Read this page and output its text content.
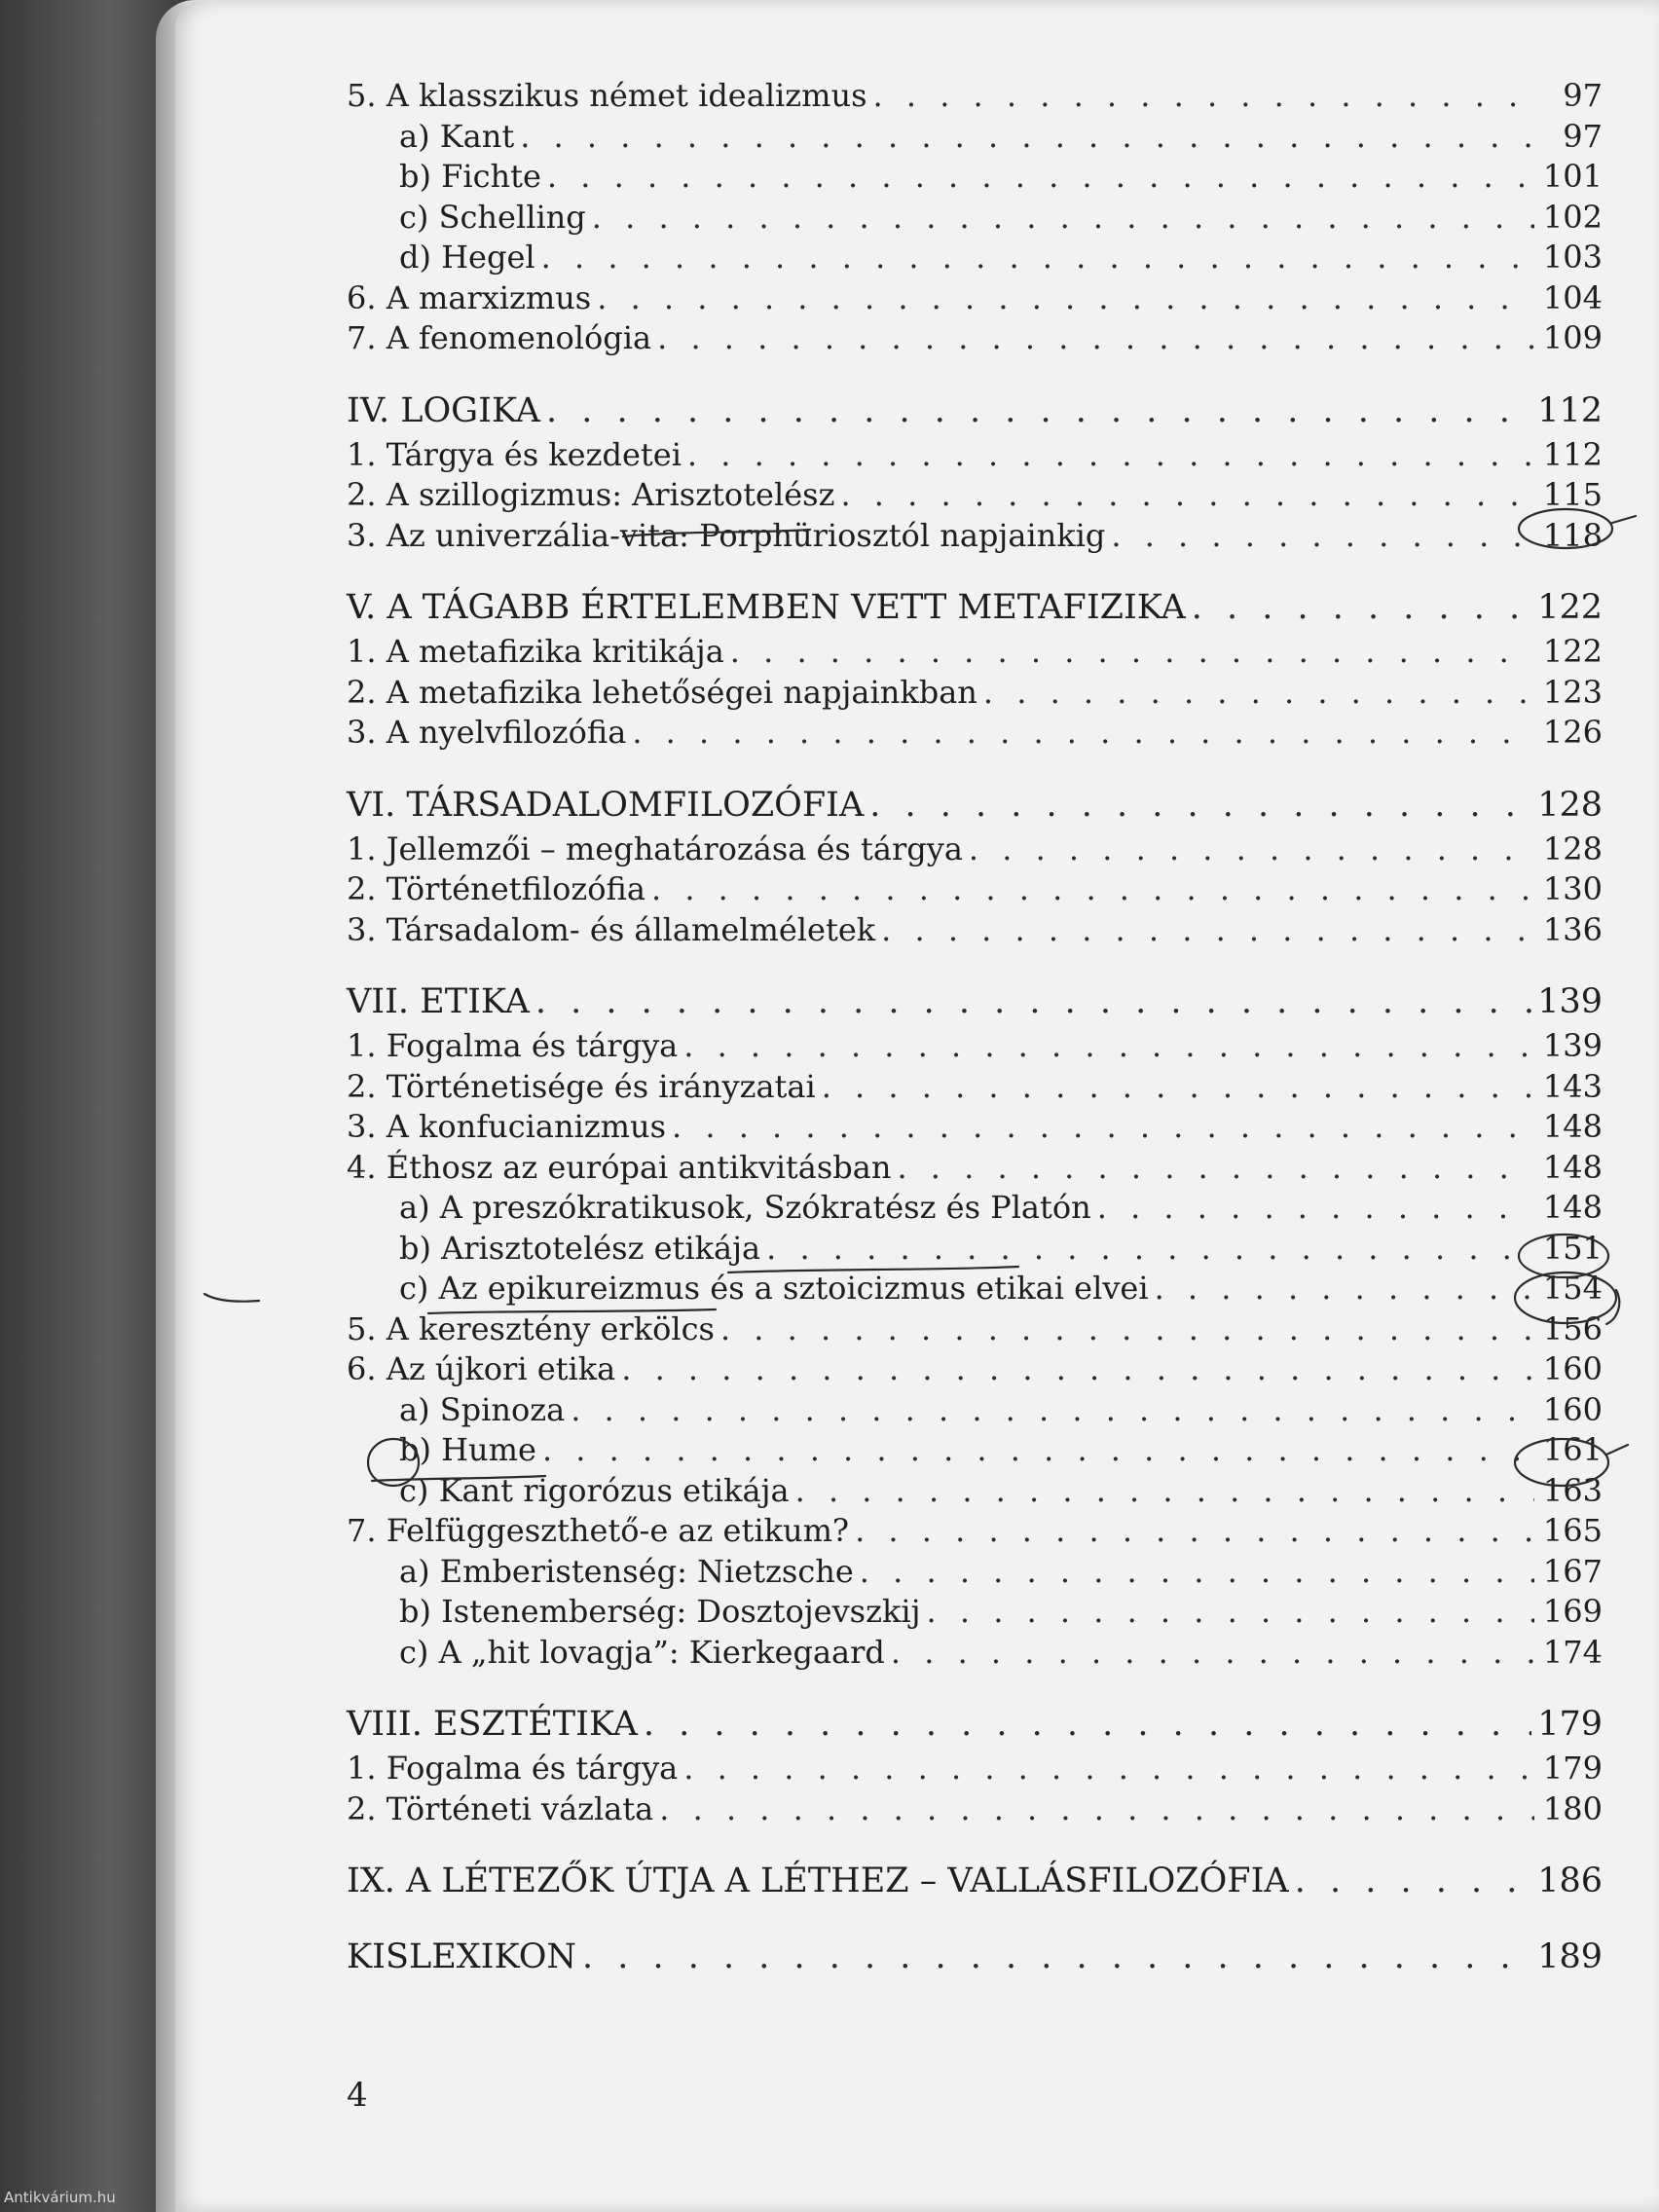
5. A klasszikus német idealizmus . . .	97
a) Kant . . .	97
b) Fichte . . .	101
c) Schelling . . .	102
d) Hegel . . .	103
6. A marxizmus . . .	104
7. A fenomenológia . . .	109
IV. LOGIKA . . .	112
1. Tárgya és kezdetei . . .	112
2. A szillogizmus: Arisztotelész . . .	115
3. Az univerzália-vita: Porphüriosztól napjainkig . . .	118
V. A TÁGABB ÉRTELEMBEN VETT METAFIZIKA . . .	122
1. A metafizika kritikája . . .	122
2. A metafizika lehetőségei napjainkban . . .	123
3. A nyelvfilozófia . . .	126
VI. TÁRSADALOMFILOZÓFIA . . .	128
1. Jellemzői – meghatározása és tárgya . . .	128
2. Történetfilozófia . . .	130
3. Társadalom- és államelméletek . . .	136
VII. ETIKA . . .	139
1. Fogalma és tárgya . . .	139
2. Történetisége és irányzatai . . .	143
3. A konfucianizmus . . .	148
4. Éthosz az európai antikvitásban . . .	148
a) A preszókratikusok, Szókratész és Platón . . .	148
b) Arisztotelész etikája . . .	151
c) Az epikureizmus és a sztoicizmus etikai elvei . . .	154
5. A keresztény erkölcs . . .	156
6. Az újkori etika . . .	160
a) Spinoza . . .	160
b) Hume . . .	161
c) Kant rigorózus etikája . . .	163
7. Felfüggeszthető-e az etikum? . . .	165
a) Emberistenség: Nietzsche . . .	167
b) Istenemberség: Dosztojevszkij . . .	169
c) A „hit lovagja”: Kierkegaard . . .	174
VIII. ESZTÉTIKA . . .	179
1. Fogalma és tárgya . . .	179
2. Történeti vázlata . . .	180
IX. A LÉTEZŐK ÚTJA A LÉTHEZ – VALLÁSFILOZÓFIA . . .	186
KISLEXIKON . . .	189
4
Antikvárium.hu
